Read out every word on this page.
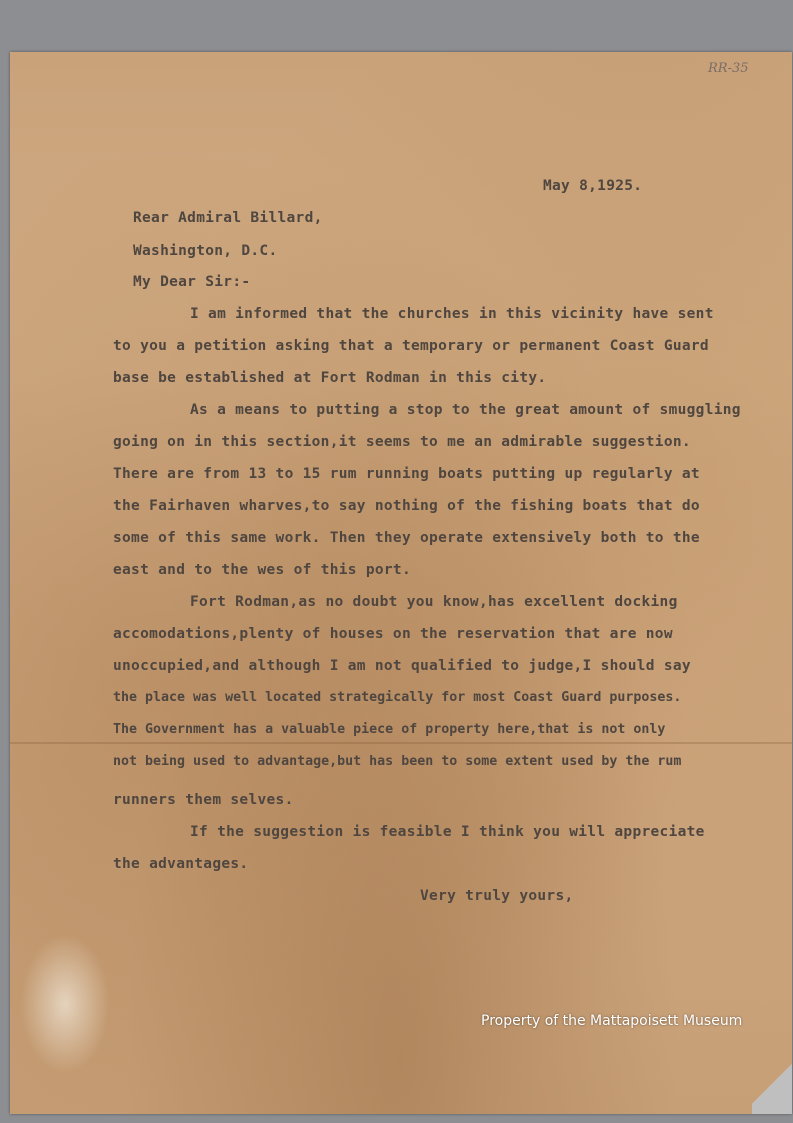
RR-35
May 8,1925.
Rear Admiral Billard,
Washington, D.C.
My Dear Sir:-
I am informed that the churches in this vicinity have sent
to you a petition asking that a temporary or permanent Coast Guard
base be established at Fort Rodman in this city.
As a means to putting a stop to the great amount of smuggling
going on in this section,it seems to me an admirable suggestion.
There are from 13 to 15 rum running boats putting up regularly at
the Fairhaven wharves,to say nothing of the fishing boats that do
some of this same work. Then they operate extensively both to the
east and to the wes of this port.
Fort Rodman,as no doubt you know,has excellent docking
accomodations,plenty of houses on the reservation that are now
unoccupied,and although I am not qualified to judge,I should say
the place was well located strategically for most Coast Guard purposes.
The Government has a valuable piece of property here,that is not only
not being used to advantage,but has been to some extent used by the rum
runners them selves.
If the suggestion is feasible I think you will appreciate
the advantages.
Very truly yours,
Property of the Mattapoisett Museum
